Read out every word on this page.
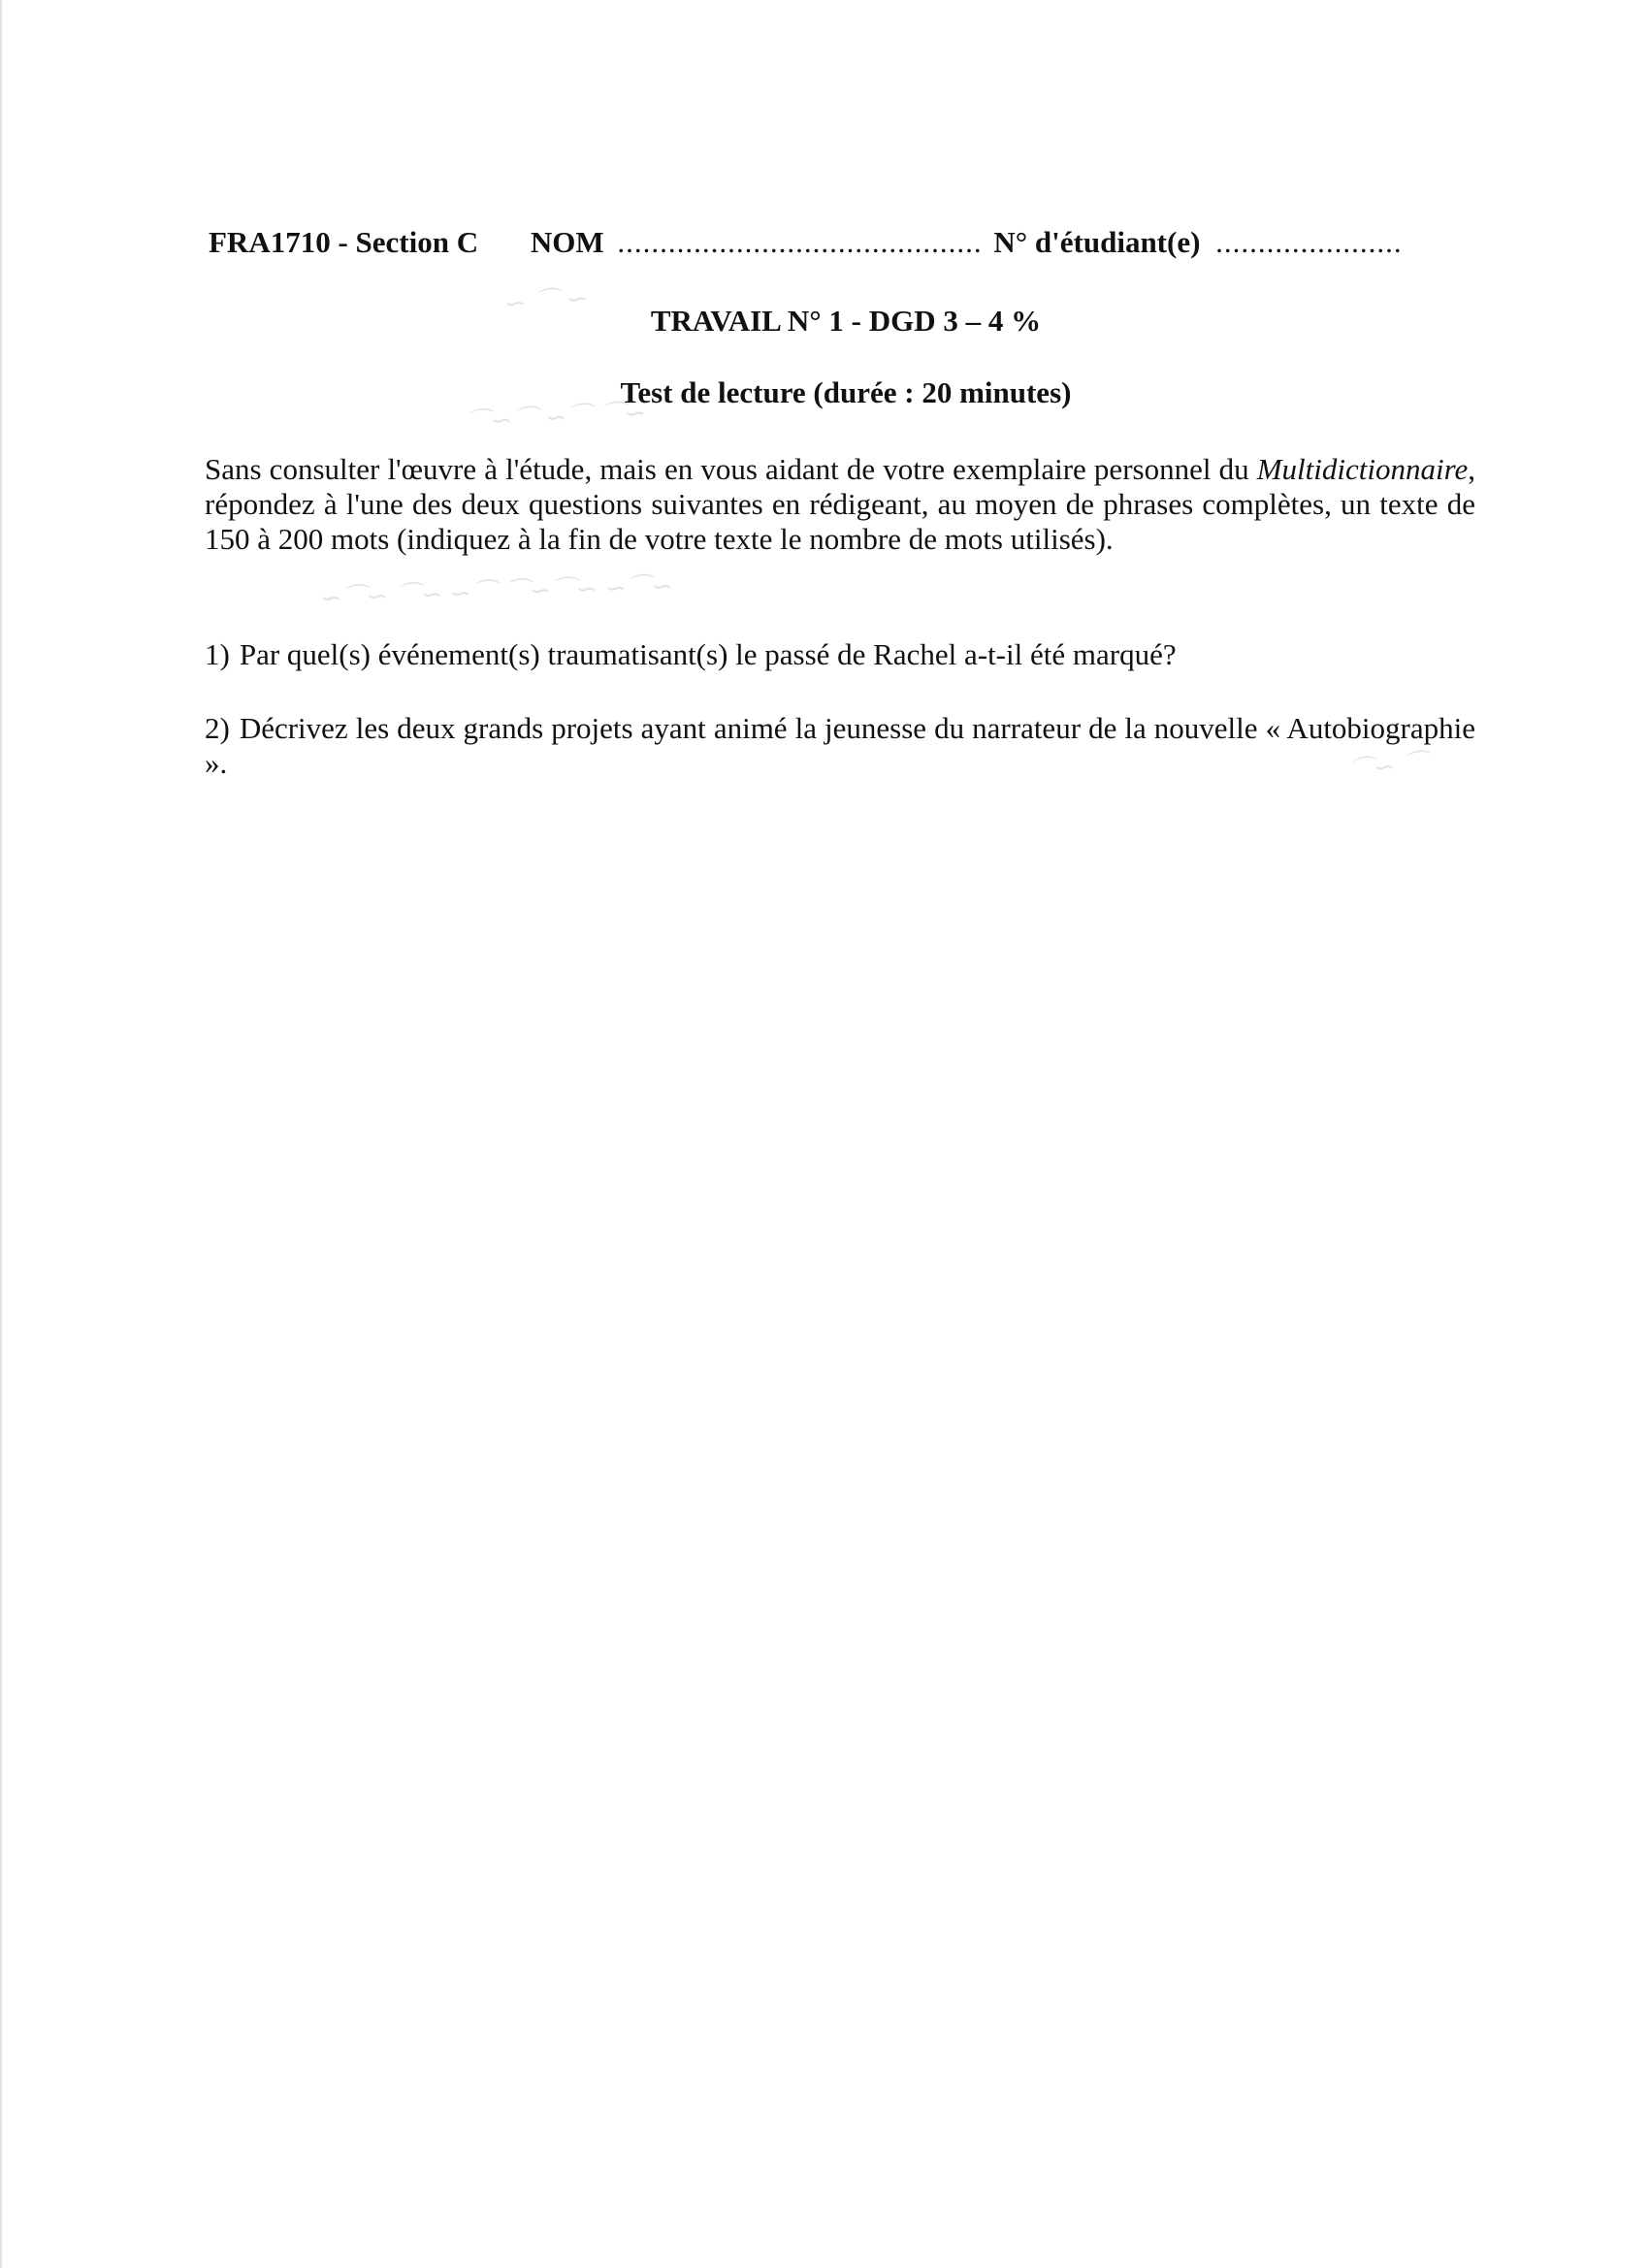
∽ ⌒ ∽
⌒∽⌒ ∽⌒ ⌒∽
∽⌒∽ ⌒∽ ∽⌒ ⌒∽⌒∽ ∽⌒∽
⌒∽ ⌒
FRA1710 - Section C NOM ........................................... N° d'étudiant(e) ......................
TRAVAIL N° 1 - DGD 3 – 4 %
Test de lecture (durée : 20 minutes)
Sans consulter l'œuvre à l'étude, mais en vous aidant de votre exemplaire personnel du Multidictionnaire, répondez à l'une des deux questions suivantes en rédigeant, au moyen de phrases complètes, un texte de 150 à 200 mots (indiquez à la fin de votre texte le nombre de mots utilisés).
1) Par quel(s) événement(s) traumatisant(s) le passé de Rachel a-t-il été marqué?
2) Décrivez les deux grands projets ayant animé la jeunesse du narrateur de la nouvelle « Autobiographie ».
